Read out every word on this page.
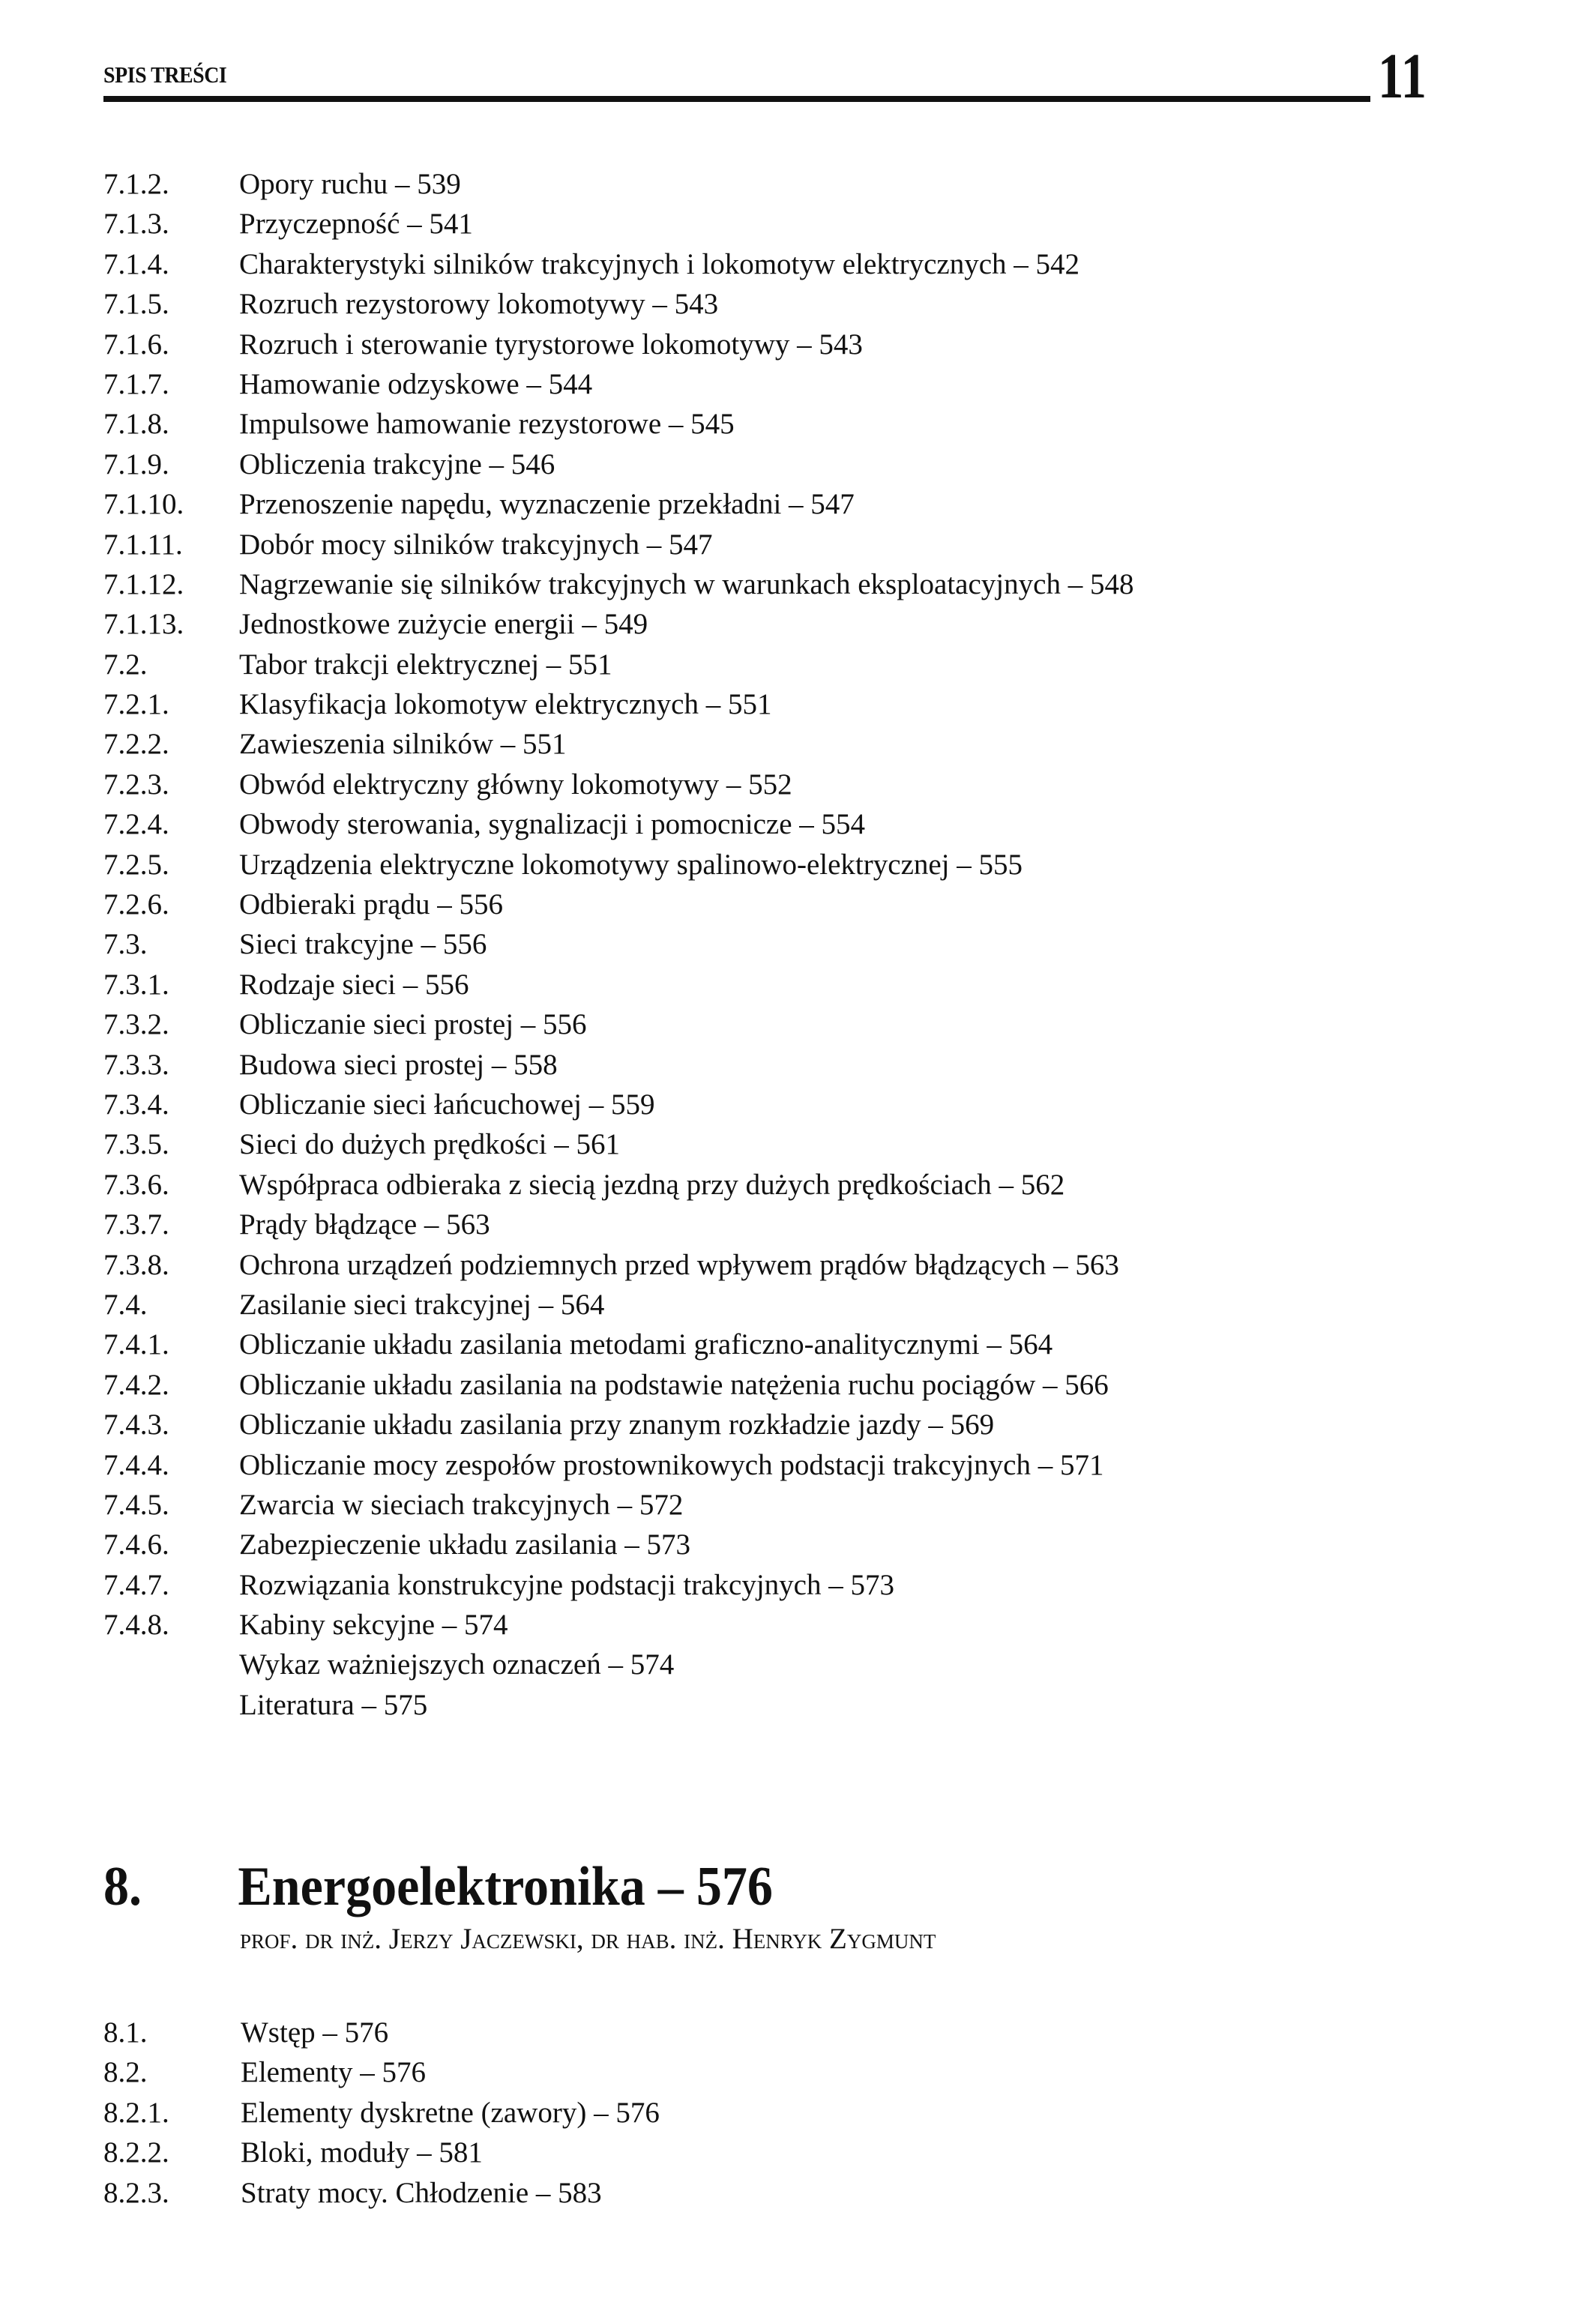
SPIS TREŚCI	11
7.1.2.	Opory ruchu – 539
7.1.3.	Przyczepność – 541
7.1.4.	Charakterystyki silników trakcyjnych i lokomotyw elektrycznych – 542
7.1.5.	Rozruch rezystorowy lokomotywy – 543
7.1.6.	Rozruch i sterowanie tyrystorowe lokomotywy – 543
7.1.7.	Hamowanie odzyskowe – 544
7.1.8.	Impulsowe hamowanie rezystorowe – 545
7.1.9.	Obliczenia trakcyjne – 546
7.1.10.	Przenoszenie napędu, wyznaczenie przekładni – 547
7.1.11.	Dobór mocy silników trakcyjnych – 547
7.1.12.	Nagrzewanie się silników trakcyjnych w warunkach eksploatacyjnych – 548
7.1.13.	Jednostkowe zużycie energii – 549
7.2.	Tabor trakcji elektrycznej – 551
7.2.1.	Klasyfikacja lokomotyw elektrycznych – 551
7.2.2.	Zawieszenia silników – 551
7.2.3.	Obwód elektryczny główny lokomotywy – 552
7.2.4.	Obwody sterowania, sygnalizacji i pomocnicze – 554
7.2.5.	Urządzenia elektryczne lokomotywy spalinowo-elektrycznej – 555
7.2.6.	Odbieraki prądu – 556
7.3.	Sieci trakcyjne – 556
7.3.1.	Rodzaje sieci – 556
7.3.2.	Obliczanie sieci prostej – 556
7.3.3.	Budowa sieci prostej – 558
7.3.4.	Obliczanie sieci łańcuchowej – 559
7.3.5.	Sieci do dużych prędkości – 561
7.3.6.	Współpraca odbieraka z siecią jezdną przy dużych prędkościach – 562
7.3.7.	Prądy błądzące – 563
7.3.8.	Ochrona urządzeń podziemnych przed wpływem prądów błądzących – 563
7.4.	Zasilanie sieci trakcyjnej – 564
7.4.1.	Obliczanie układu zasilania metodami graficzno-analitycznymi – 564
7.4.2.	Obliczanie układu zasilania na podstawie natężenia ruchu pociągów – 566
7.4.3.	Obliczanie układu zasilania przy znanym rozkładzie jazdy – 569
7.4.4.	Obliczanie mocy zespołów prostownikowych podstacji trakcyjnych – 571
7.4.5.	Zwarcia w sieciach trakcyjnych – 572
7.4.6.	Zabezpieczenie układu zasilania – 573
7.4.7.	Rozwiązania konstrukcyjne podstacji trakcyjnych – 573
7.4.8.	Kabiny sekcyjne – 574
Wykaz ważniejszych oznaczeń – 574
Literatura – 575
8. Energoelektronika – 576
prof. dr inż. Jerzy Jaczewski, dr hab. inż. Henryk Zygmunt
8.1.	Wstęp – 576
8.2.	Elementy – 576
8.2.1.	Elementy dyskretne (zawory) – 576
8.2.2.	Bloki, moduły – 581
8.2.3.	Straty mocy. Chłodzenie – 583
